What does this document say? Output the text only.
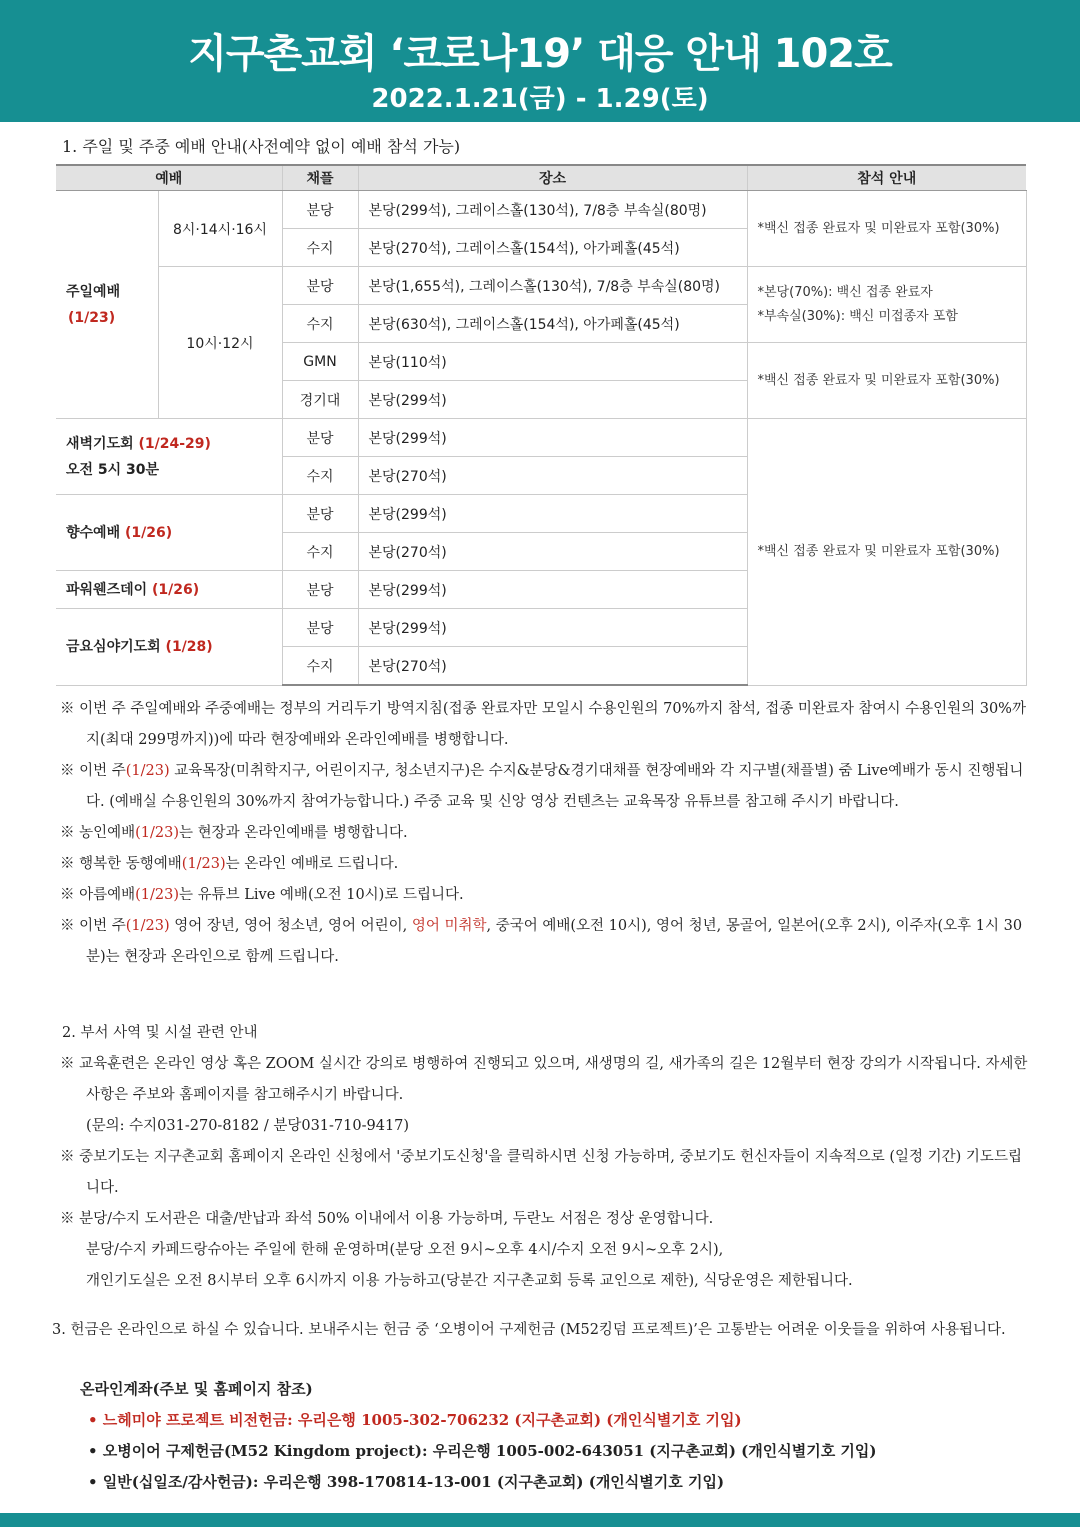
지구촌교회 ‘코로나19’ 대응 안내 102호
2022.1.21(금) - 1.29(토)
1. 주일 및 주중 예배 안내(사전예약 없이 예배 참석 가능)
예배		채플	장소	참석 안내

주일예배
(1/23)	8시·14시·16시	분당	본당(299석), 그레이스홀(130석), 7/8층 부속실(80명)	*백신 접종 완료자 및 미완료자 포함(30%)
		수지	본당(270석), 그레이스홀(154석), 아가페홀(45석)	
	10시·12시	분당	본당(1,655석), 그레이스홀(130석), 7/8층 부속실(80명)	*본당(70%): 백신 접종 완료자
*부속실(30%): 백신 미접종자 포함

		수지	본당(630석), 그레이스홀(154석), 아가페홀(45석)	
		GMN	본당(110석)	*백신 접종 완료자 및 미완료자 포함(30%)
		경기대	본당(299석)	

새벽기도회 (1/24-29)
오전 5시 30분		분당	본당(299석)	*백신 접종 완료자 및 미완료자 포함(30%)
		수지	본당(270석)	
향수예배 (1/26)		분당	본당(299석)	
		수지	본당(270석)	
파워웬즈데이 (1/26)		분당	본당(299석)	
금요심야기도회 (1/28)		분당	본당(299석)	
		수지	본당(270석)	

※ 이번 주 주일예배와 주중예배는 정부의 거리두기 방역지침(접종 완료자만 모일시 수용인원의 70%까지 참석, 접종 미완료자 참여시 수용인원의 30%까지(최대 299명까지))에 따라 현장예배와 온라인예배를 병행합니다.

※ 이번 주(1/23) 교육목장(미취학지구, 어린이지구, 청소년지구)은 수지&분당&경기대채플 현장예배와 각 지구별(채플별) 줌 Live예배가 동시 진행됩니다. (예배실 수용인원의 30%까지 참여가능합니다.) 주중 교육 및 신앙 영상 컨텐츠는 교육목장 유튜브를 참고해 주시기 바랍니다.

※ 농인예배(1/23)는 현장과 온라인예배를 병행합니다.

※ 행복한 동행예배(1/23)는 온라인 예배로 드립니다.

※ 아름예배(1/23)는 유튜브 Live 예배(오전 10시)로 드립니다.

※ 이번 주(1/23) 영어 장년, 영어 청소년, 영어 어린이, 영어 미취학, 중국어 예배(오전 10시), 영어 청년, 몽골어, 일본어(오후 2시), 이주자(오후 1시 30분)는 현장과 온라인으로 함께 드립니다.

2. 부서 사역 및 시설 관련 안내

※ 교육훈련은 온라인 영상 혹은 ZOOM 실시간 강의로 병행하여 진행되고 있으며, 새생명의 길, 새가족의 길은 12월부터 현장 강의가 시작됩니다. 자세한 사항은 주보와 홈페이지를 참고해주시기 바랍니다.

(문의: 수지031-270-8182 / 분당031-710-9417)

※ 중보기도는 지구촌교회 홈페이지 온라인 신청에서 '중보기도신청'을 클릭하시면 신청 가능하며, 중보기도 헌신자들이 지속적으로 (일정 기간) 기도드립니다.

※ 분당/수지 도서관은 대출/반납과 좌석 50% 이내에서 이용 가능하며, 두란노 서점은 정상 운영합니다.

분당/수지 카페드랑슈아는 주일에 한해 운영하며(분당 오전 9시~오후 4시/수지 오전 9시~오후 2시),

개인기도실은 오전 8시부터 오후 6시까지 이용 가능하고(당분간 지구촌교회 등록 교인으로 제한), 식당운영은 제한됩니다.

3. 헌금은 온라인으로 하실 수 있습니다. 보내주시는 헌금 중 ‘오병이어 구제헌금 (M52킹덤 프로젝트)’은 고통받는 어려운 이웃들을 위하여 사용됩니다.

온라인계좌(주보 및 홈페이지 참조)
• 느헤미야 프로젝트 비전헌금: 우리은행 1005-302-706232 (지구촌교회) (개인식별기호 기입)
• 오병이어 구제헌금(M52 Kingdom project): 우리은행 1005-002-643051 (지구촌교회) (개인식별기호 기입)
• 일반(십일조/감사헌금): 우리은행 398-170814-13-001 (지구촌교회) (개인식별기호 기입)
